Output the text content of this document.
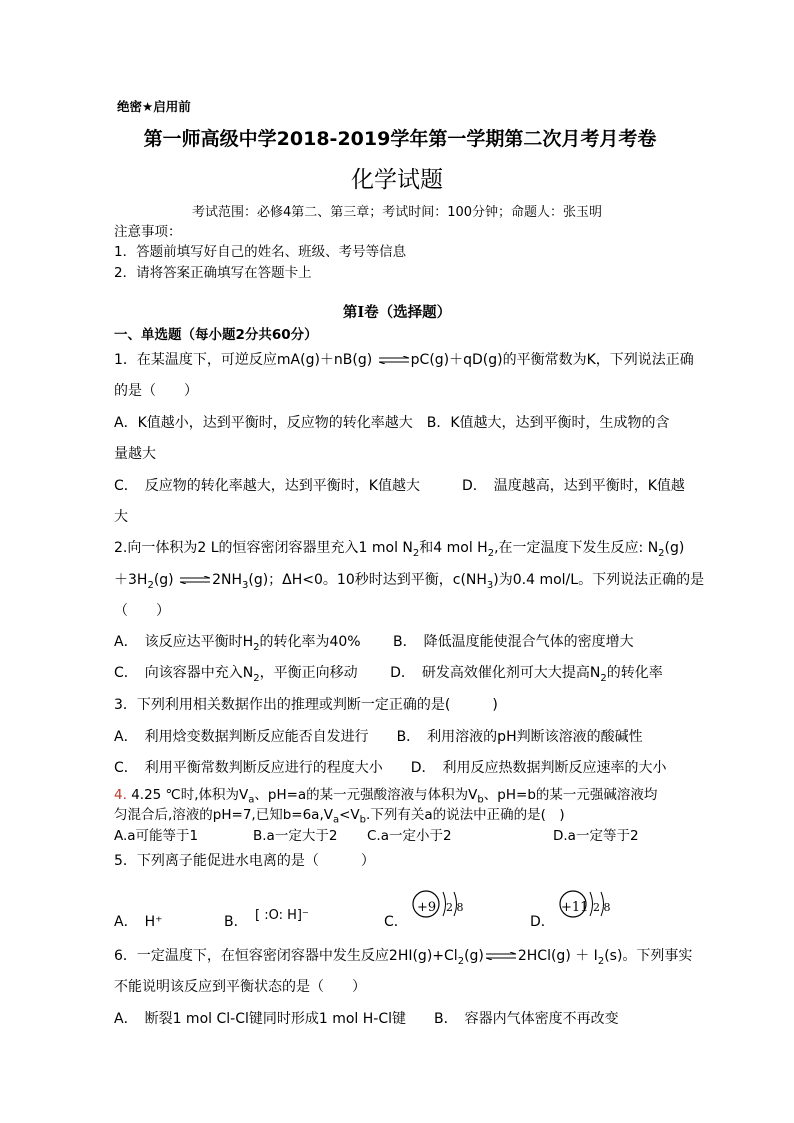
绝密★启用前
第一师高级中学2018-2019学年第一学期第二次月考月考卷
化学试题
考试范围：必修4第二、第三章；考试时间：100分钟；命题人：张玉明
注意事项：
1．答题前填写好自己的姓名、班级、考号等信息
2．请将答案正确填写在答题卡上
第I卷（选择题）
一、单选题（每小题2分共60分）
1．在某温度下，可逆反应mA(g)＋nB(g) ⇌ pC(g)＋qD(g)的平衡常数为K，下列说法正确
的是（　　）
A．K值越小，达到平衡时，反应物的转化率越大　B．K值越大，达到平衡时，生成物的含
量越大
C．　反应物的转化率越大，达到平衡时，K值越大　　　D．　温度越高，达到平衡时，K值越
大
2.向一体积为2 L的恒容密闭容器里充入1 mol $N_2$和4 mol $H_2$,在一定温度下发生反应: $N_2(g)$
$+3H_2(g)$ ⇌ $2NH_3(g)$；ΔH<0。10秒时达到平衡，$c(NH_3)$为0.4 mol/L。下列说法正确的是
（　　）
A．　该反应达平衡时$H_2$的转化率为40%　　 B．　降低温度能使混合气体的密度增大
C．　向该容器中充入$N_2$，平衡正向移动　　 D．　研发高效催化剂可大大提高$N_2$的转化率
3．下列利用相关数据作出的推理或判断一定正确的是(　　　)
A．　利用焓变数据判断反应能否自发进行　　B．　利用溶液的pH判断该溶液的酸碱性
C．　利用平衡常数判断反应进行的程度大小　　D．　利用反应热数据判断反应速率的大小
4. 4.25 ℃时,体积为$V_a$、pH=a的某一元强酸溶液与体积为$V_b$、pH=b的某一元强碱溶液均
匀混合后,溶液的pH=7,已知$b=6a,V_a<V_b$.下列有关a的说法中正确的是(　)
A.a可能等于1	B.a一定大于2 C.a一定小于2	D.a一定等于2
5．下列离子能促进水电离的是（　　　）
A．　H⁺	B． [ :O: H]⁻	C．
+9 2 8
D．
+11 2 8
6．一定温度下，在恒容密闭容器中发生反应$2HI(g)+Cl_2(g)$ ⇌ $2HCl(g) + I_2(s)$。下列事实
不能说明该反应到平衡状态的是（　　）
A．　断裂1 mol Cl-Cl键同时形成1 mol H-Cl键　　B．　容器内气体密度不再改变
